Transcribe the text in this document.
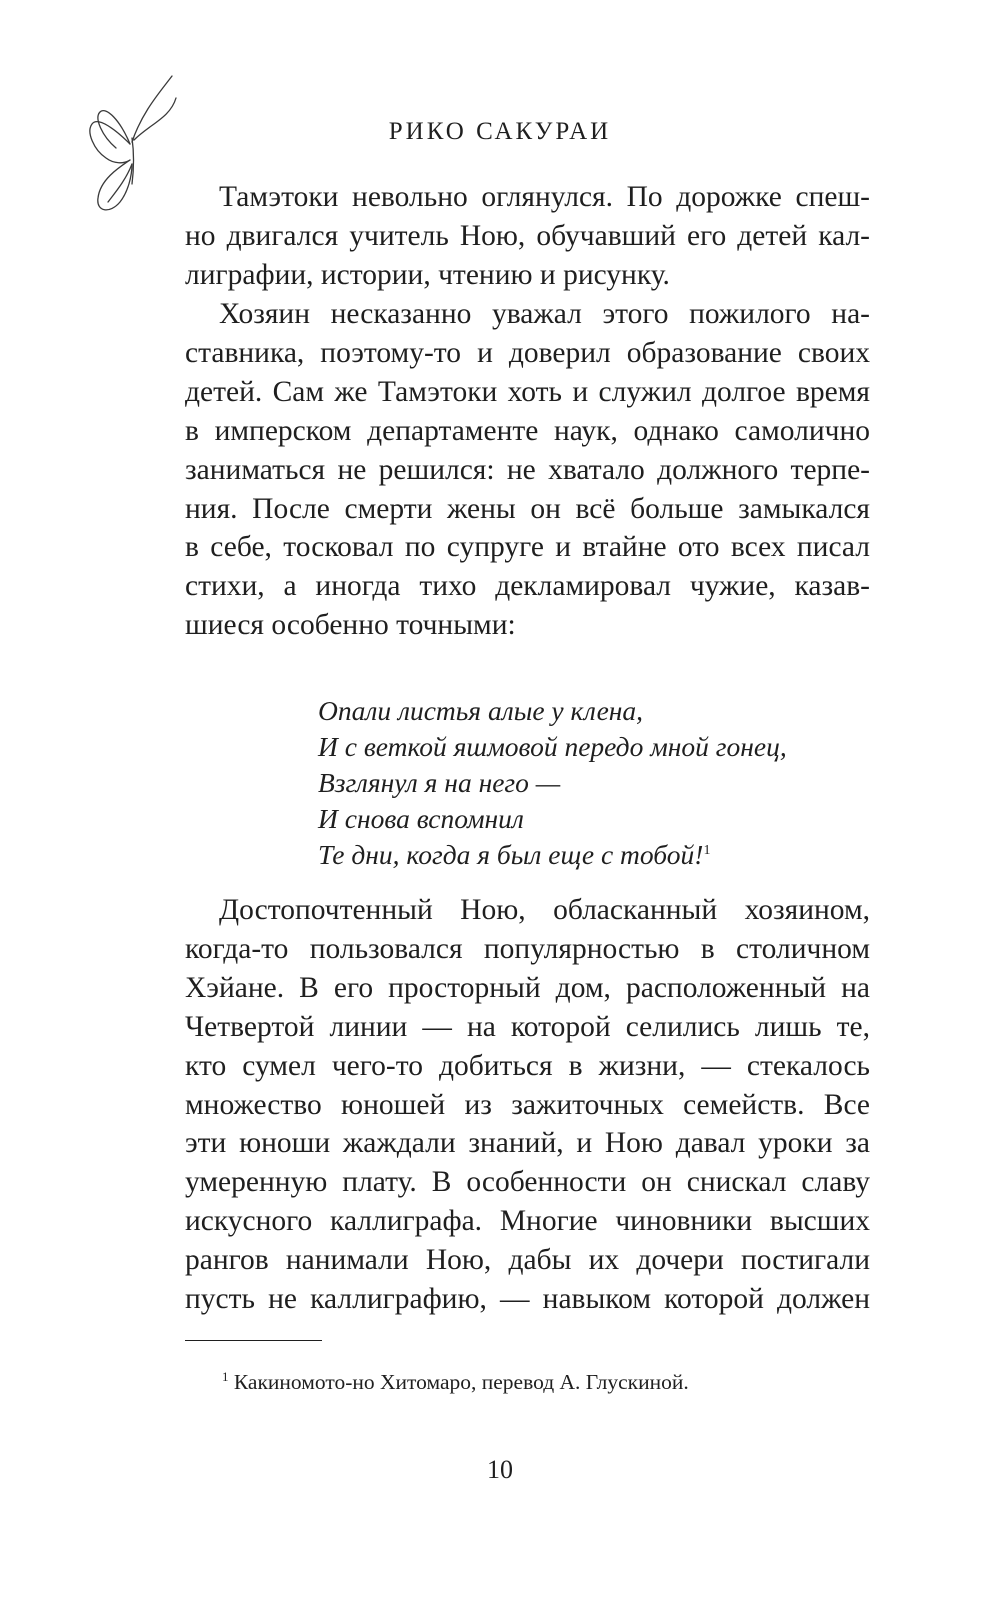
РИКО САКУРАИ
Тамэтоки невольно оглянулся. По дорожке спеш-
но двигался учитель Ною, обучавший его детей кал-
лиграфии, истории, чтению и рисунку.
Хозяин несказанно уважал этого пожилого на-
ставника, поэтому-то и доверил образование своих
детей. Сам же Тамэтоки хоть и служил долгое время
в имперском департаменте наук, однако самолично
заниматься не решился: не хватало должного терпе-
ния. После смерти жены он всё больше замыкался
в себе, тосковал по супруге и втайне ото всех писал
стихи, а иногда тихо декламировал чужие, казав-
шиеся особенно точными:
Опали листья алые у клена,
И с веткой яшмовой передо мной гонец,
Взглянул я на него —
И снова вспомнил
Те дни, когда я был еще с тобой!$^1$
Достопочтенный Ною, обласканный хозяином,
когда-то пользовался популярностью в столичном
Хэйане. В его просторный дом, расположенный на
Четвертой линии — на которой селились лишь те,
кто сумел чего-то добиться в жизни, — стекалось
множество юношей из зажиточных семейств. Все
эти юноши жаждали знаний, и Ною давал уроки за
умеренную плату. В особенности он снискал славу
искусного каллиграфа. Многие чиновники высших
рангов нанимали Ною, дабы их дочери постигали
пусть не каллиграфию, — навыком которой должен
$^1$ Какиномото-но Хитомаро, перевод А. Глускиной.
10
